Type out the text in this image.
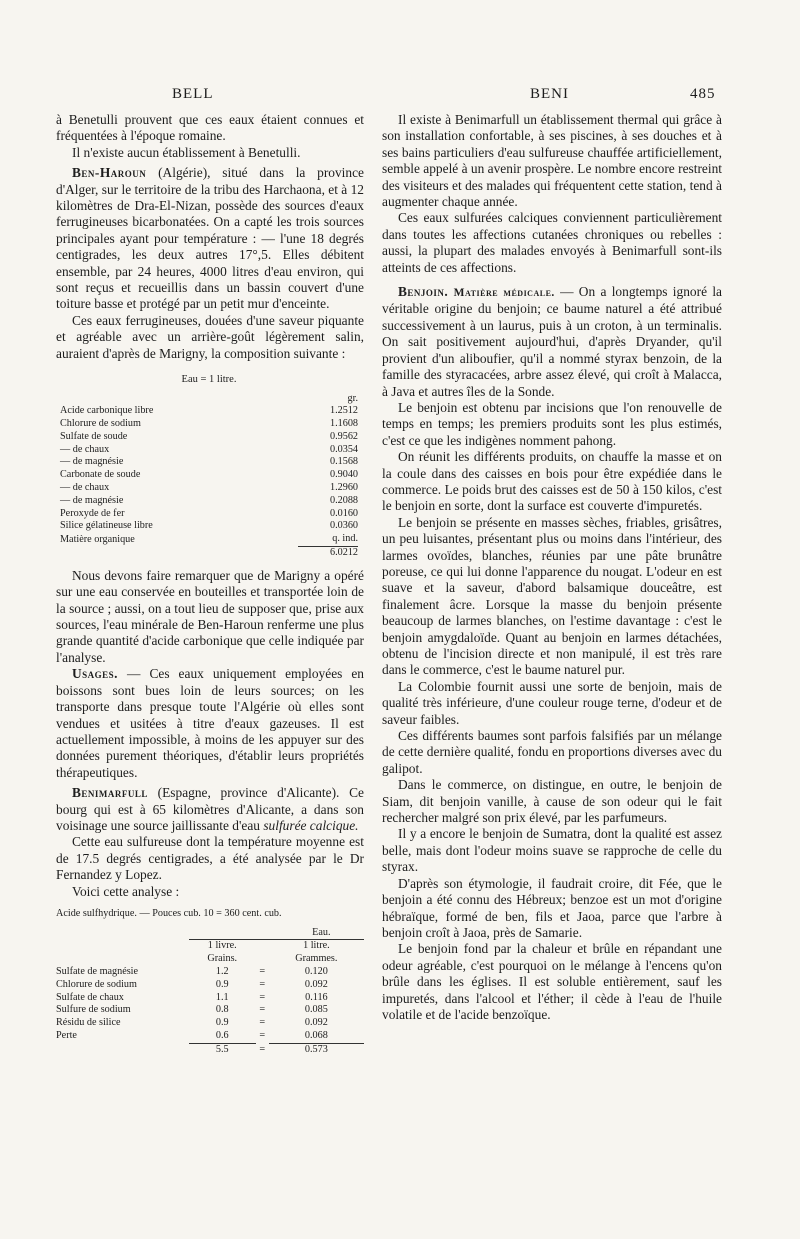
BELL	BENI	485

à Benetulli prouvent que ces eaux étaient connues et fréquentées à l'époque romaine.

Il n'existe aucun établissement à Benetulli.

Ben-Haroun (Algérie), situé dans la province d'Alger, sur le territoire de la tribu des Harchaona, et à 12 kilomètres de Dra-El-Nizan, possède des sources d'eaux ferrugineuses bicarbonatées. On a capté les trois sources principales ayant pour température : — l'une 18 degrés centigrades, les deux autres 17°,5. Elles débitent ensemble, par 24 heures, 4000 litres d'eau environ, qui sont reçus et recueillis dans un bassin couvert d'une toiture basse et protégé par un petit mur d'enceinte.

Ces eaux ferrugineuses, douées d'une saveur piquante et agréable avec un arrière-goût légèrement salin, auraient d'après de Marigny, la composition suivante :

Eau = 1 litre.
	gr.
Acide carbonique libre	1.2512
Chlorure de sodium	1.1608
Sulfate de soude	0.9562
— de chaux	0.0354
— de magnésie	0.1568
Carbonate de soude	0.9040
— de chaux	1.2960
— de magnésie	0.2088
Peroxyde de fer	0.0160
Silice gélatineuse libre	0.0360
Matière organique	q. ind.
	6.0212

Nous devons faire remarquer que de Marigny a opéré sur une eau conservée en bouteilles et transportée loin de la source ; aussi, on a tout lieu de supposer que, prise aux sources, l'eau minérale de Ben-Haroun renferme une plus grande quantité d'acide carbonique que celle indiquée par l'analyse.

Usages. — Ces eaux uniquement employées en boissons sont bues loin de leurs sources; on les transporte dans presque toute l'Algérie où elles sont vendues et usitées à titre d'eaux gazeuses. Il est actuellement impossible, à moins de les appuyer sur des données purement théoriques, d'établir leurs propriétés thérapeutiques.

Benimarfull (Espagne, province d'Alicante). Ce bourg qui est à 65 kilomètres d'Alicante, a dans son voisinage une source jaillissante d'eau sulfurée calcique.

Cette eau sulfureuse dont la température moyenne est de 17.5 degrés centigrades, a été analysée par le Dr Fernandez y Lopez.

Voici cette analyse :

Acide sulfhydrique. — Pouces cub. 10 = 360 cent. cub.
	Eau.		
	1 livre.		1 litre.
	Grains.		Grammes.
Sulfate de magnésie	1.2	=	0.120
Chlorure de sodium	0.9	=	0.092
Sulfate de chaux	1.1	=	0.116
Sulfure de sodium	0.8	=	0.085
Résidu de silice	0.9	=	0.092
Perte	0.6	=	0.068
	5.5	=	0.573

Il existe à Benimarfull un établissement thermal qui grâce à son installation confortable, à ses piscines, à ses douches et à ses bains particuliers d'eau sulfureuse chauffée artificiellement, semble appelé à un avenir prospère. Le nombre encore restreint des visiteurs et des malades qui fréquentent cette station, tend à augmenter chaque année.

Ces eaux sulfurées calciques conviennent particulièrement dans toutes les affections cutanées chroniques ou rebelles : aussi, la plupart des malades envoyés à Benimarfull sont-ils atteints de ces affections.

Benjoin. Matière médicale. — On a longtemps ignoré la véritable origine du benjoin; ce baume naturel a été attribué successivement à un laurus, puis à un croton, à un terminalis. On sait positivement aujourd'hui, d'après Dryander, qu'il provient d'un aliboufier, qu'il a nommé styrax benzoin, de la famille des styracacées, arbre assez élevé, qui croît à Malacca, à Java et autres îles de la Sonde.

Le benjoin est obtenu par incisions que l'on renouvelle de temps en temps; les premiers produits sont les plus estimés, c'est ce que les indigènes nomment pahong.

On réunit les différents produits, on chauffe la masse et on la coule dans des caisses en bois pour être expédiée dans le commerce. Le poids brut des caisses est de 50 à 150 kilos, c'est le benjoin en sorte, dont la surface est couverte d'impuretés.

Le benjoin se présente en masses sèches, friables, grisâtres, un peu luisantes, présentant plus ou moins dans l'intérieur, des larmes ovoïdes, blanches, réunies par une pâte brunâtre poreuse, ce qui lui donne l'apparence du nougat. L'odeur en est suave et la saveur, d'abord balsamique douceâtre, est finalement âcre. Lorsque la masse du benjoin présente beaucoup de larmes blanches, on l'estime davantage : c'est le benjoin amygdaloïde. Quant au benjoin en larmes détachées, obtenu de l'incision directe et non manipulé, il est très rare dans le commerce, c'est le baume naturel pur.

La Colombie fournit aussi une sorte de benjoin, mais de qualité très inférieure, d'une couleur rouge terne, d'odeur et de saveur faibles.

Ces différents baumes sont parfois falsifiés par un mélange de cette dernière qualité, fondu en proportions diverses avec du galipot.

Dans le commerce, on distingue, en outre, le benjoin de Siam, dit benjoin vanille, à cause de son odeur qui le fait rechercher malgré son prix élevé, par les parfumeurs.

Il y a encore le benjoin de Sumatra, dont la qualité est assez belle, mais dont l'odeur moins suave se rapproche de celle du styrax.

D'après son étymologie, il faudrait croire, dit Fée, que le benjoin a été connu des Hébreux; benzoe est un mot d'origine hébraïque, formé de ben, fils et Jaoa, parce que l'arbre à benjoin croît à Jaoa, près de Samarie.

Le benjoin fond par la chaleur et brûle en répandant une odeur agréable, c'est pourquoi on le mélange à l'encens qu'on brûle dans les églises. Il est soluble entièrement, sauf les impuretés, dans l'alcool et l'éther; il cède à l'eau de l'huile volatile et de l'acide benzoïque.
